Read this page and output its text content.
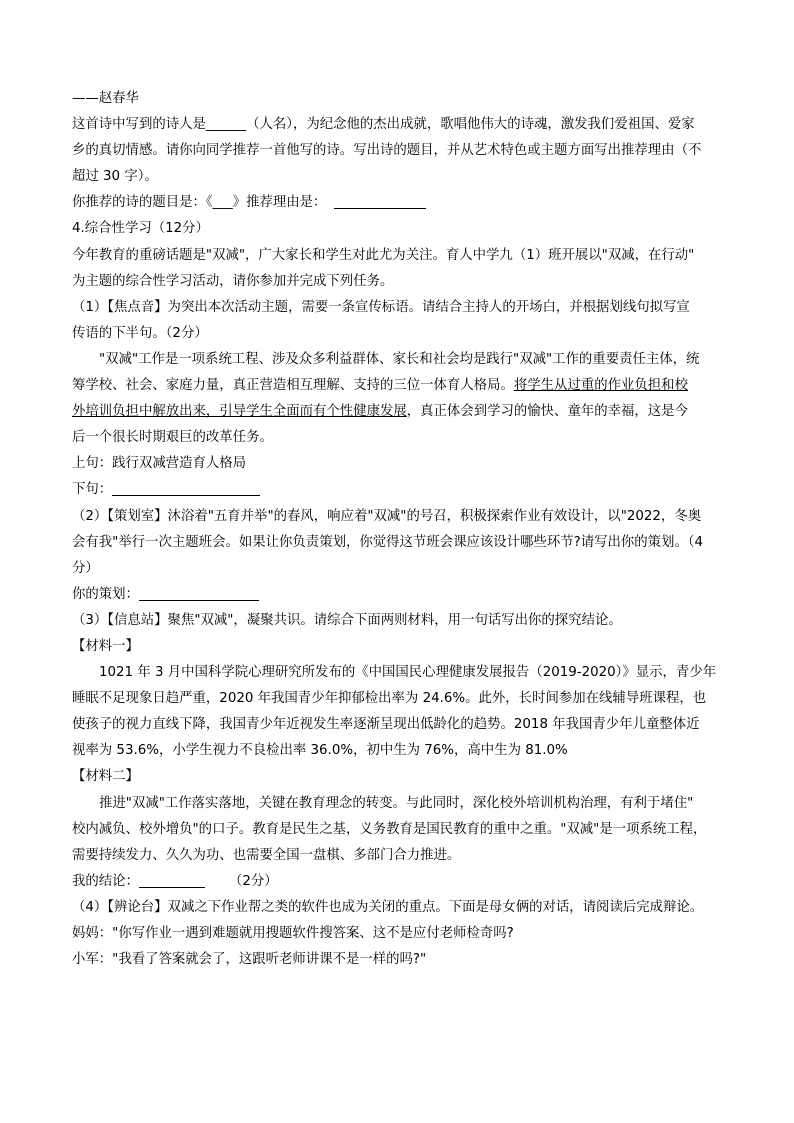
——赵春华
这首诗中写到的诗人是______（人名），为纪念他的杰出成就，歌唱他伟大的诗魂，激发我们爱祖国、爱家
乡的真切情感。请你向同学推荐一首他写的诗。写出诗的题目，并从艺术特色或主题方面写出推荐理由（不
超过 30 字）。
你推荐的诗的题目是：《___》推荐理由是：
4.综合性学习（12分）
今年教育的重磅话题是"双减"，广大家长和学生对此尤为关注。育人中学九（1）班开展以"双减，在行动"
为主题的综合性学习活动，请你参加并完成下列任务。
（1）【焦点音】为突出本次活动主题，需要一条宣传标语。请结合主持人的开场白，并根据划线句拟写宣
传语的下半句。（2分）
"双减"工作是一项系统工程、涉及众多利益群体、家长和社会均是践行"双减"工作的重要责任主体，统
筹学校、社会、家庭力量，真正营造相互理解、支持的三位一体育人格局。将学生从过重的作业负担和校
外培训负担中解放出来，引导学生全面而有个性健康发展，真正体会到学习的愉快、童年的幸福，这是今
后一个很长时期艰巨的改革任务。
上句：践行双减营造育人格局
下句：
（2）【策划室】沐浴着"五育并举"的春风，响应着"双减"的号召，积极探索作业有效设计，以"2022，冬奥
会有我"举行一次主题班会。如果让你负责策划，你觉得这节班会课应该设计哪些环节?请写出你的策划。（4
分）
你的策划：
（3）【信息站】聚焦"双减"，凝聚共识。请综合下面两则材料，用一句话写出你的探究结论。
【材料一】
1021 年 3 月中国科学院心理研究所发布的《中国国民心理健康发展报告（2019-2020）》显示，青少年
睡眠不足现象日趋严重，2020 年我国青少年抑郁检出率为 24.6%。此外，长时间参加在线辅导班课程，也
使孩子的视力直线下降，我国青少年近视发生率逐渐呈现出低龄化的趋势。2018 年我国青少年儿童整体近
视率为 53.6%，小学生视力不良检出率 36.0%，初中生为 76%，高中生为 81.0%
【材料二】
推进"双减"工作落实落地，关键在教育理念的转变。与此同时，深化校外培训机构治理，有利于堵住"
校内减负、校外增负"的口子。教育是民生之基，义务教育是国民教育的重中之重。"双减"是一项系统工程，
需要持续发力、久久为功、也需要全国一盘棋、多部门合力推进。
我的结论：	（2分）
（4）【辨论台】双减之下作业帮之类的软件也成为关闭的重点。下面是母女俩的对话，请阅读后完成辩论。
妈妈："你写作业一遇到难题就用搜题软件搜答案、这不是应付老师检奇吗?
小军："我看了答案就会了，这跟听老师讲课不是一样的吗?"
